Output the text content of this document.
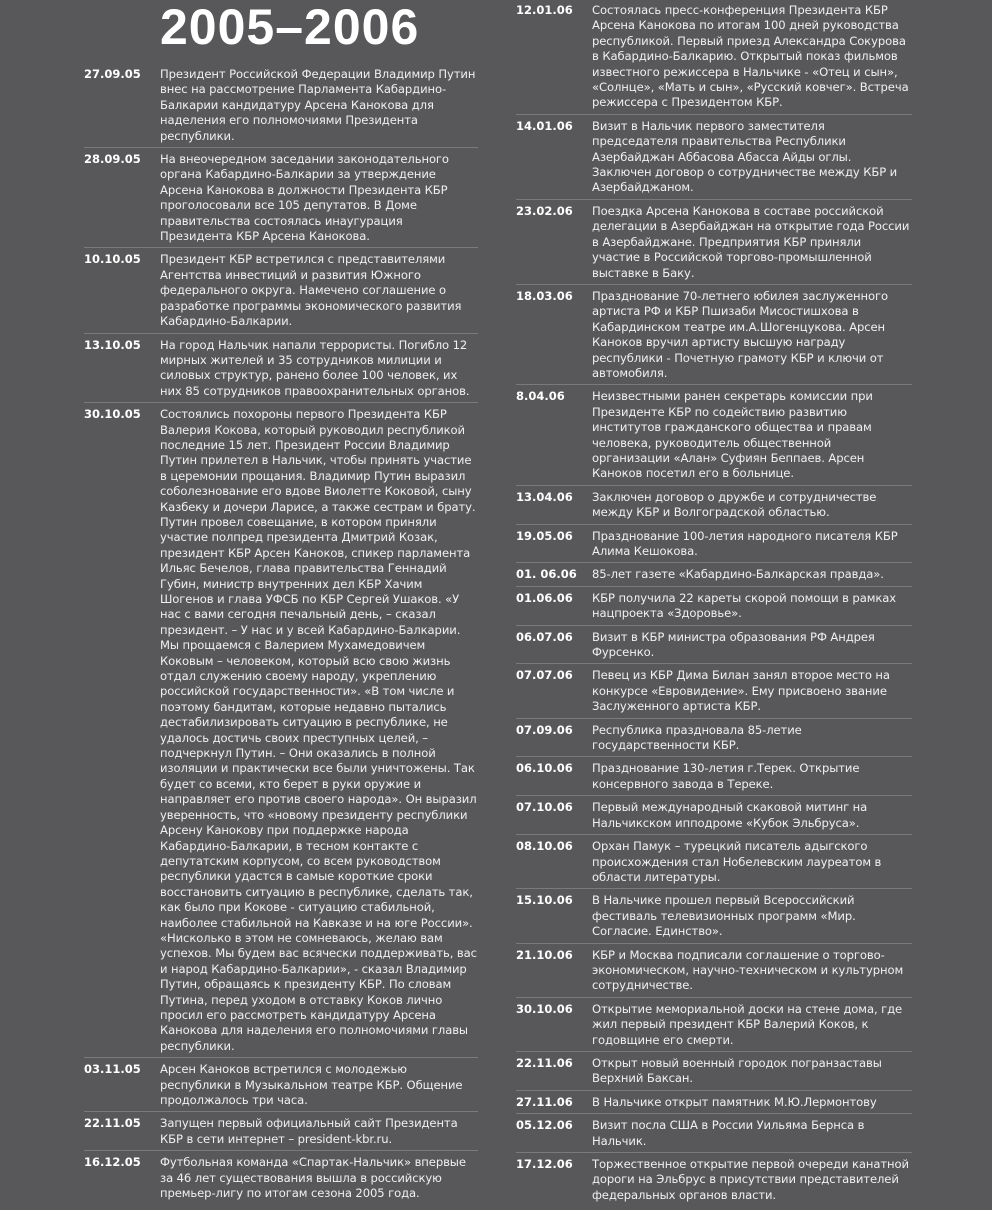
2005–2006
27.09.05	Президент Российской Федерации Владимир Путин внес на рассмотрение Парламента Кабардино-Балкарии кандидатуру Арсена Канокова для наделения его полномочиями Президента республики.
28.09.05	На внеочередном заседании законодательного органа Кабардино-Балкарии за утверждение Арсена Канокова в должности Президента КБР проголосовали все 105 депутатов. В Доме правительства состоялась инаугурация Президента КБР Арсена Канокова.
10.10.05	Президент КБР встретился с представителями Агентства инвестиций и развития Южного федерального округа. Намечено соглашение о разработке программы экономического развития Кабардино-Балкарии.
13.10.05	На город Нальчик напали террористы. Погибло 12 мирных жителей и 35 сотрудников милиции и силовых структур, ранено более 100 человек, их них 85 сотрудников правоохранительных органов.
30.10.05	Состоялись похороны первого Президента КБР Валерия Кокова, который руководил республикой последние 15 лет. Президент России Владимир Путин прилетел в Нальчик, чтобы принять участие в церемонии прощания. Владимир Путин выразил соболезнование его вдове Виолетте Коковой, сыну Казбеку и дочери Ларисе, а также сестрам и брату. Путин провел совещание, в котором приняли участие полпред президента Дмитрий Козак, президент КБР Арсен Каноков, спикер парламента Ильяс Бечелов, глава правительства Геннадий Губин, министр внутренних дел КБР Хачим Шогенов и глава УФСБ по КБР Сергей Ушаков. «У нас с вами сегодня печальный день, – сказал президент. – У нас и у всей Кабардино-Балкарии. Мы прощаемся с Валерием Мухамедовичем Коковым – человеком, который всю свою жизнь отдал служению своему народу, укреплению российской государственности». «В том числе и поэтому бандитам, которые недавно пытались дестабилизировать ситуацию в республике, не удалось достичь своих преступных целей, – подчеркнул Путин. – Они оказались в полной изоляции и практически все были уничтожены. Так будет со всеми, кто берет в руки оружие и направляет его против своего народа». Он выразил уверенность, что «новому президенту республики Арсену Канокову при поддержке народа Кабардино-Балкарии, в тесном контакте с депутатским корпусом, со всем руководством республики удастся в самые короткие сроки восстановить ситуацию в республике, сделать так, как было при Кокове - ситуацию стабильной, наиболее стабильной на Кавказе и на юге России». «Нисколько в этом не сомневаюсь, желаю вам успехов. Мы будем вас всячески поддерживать, вас и народ Кабардино-Балкарии», - сказал Владимир Путин, обращаясь к президенту КБР. По словам Путина, перед уходом в отставку Коков лично просил его рассмотреть кандидатуру Арсена Канокова для наделения его полномочиями главы республики.
03.11.05	Арсен Каноков встретился с молодежью республики в Музыкальном театре КБР. Общение продолжалось три часа.
22.11.05	Запущен первый официальный сайт Президента КБР в сети интернет – president-kbr.ru.
16.12.05	Футбольная команда «Спартак-Нальчик» впервые за 46 лет существования вышла в российскую премьер-лигу по итогам сезона 2005 года.
12.01.06	Состоялась пресс-конференция Президента КБР Арсена Канокова по итогам 100 дней руководства республикой. Первый приезд Александра Сокурова в Кабардино-Балкарию. Открытый показ фильмов известного режиссера в Нальчике - «Отец и сын», «Солнце», «Мать и сын», «Русский ковчег». Встреча режиссера с Президентом КБР.
14.01.06	Визит в Нальчик первого заместителя председателя правительства Республики Азербайджан Аббасова Абасса Айды оглы. Заключен договор о сотрудничестве между КБР и Азербайджаном.
23.02.06	Поездка Арсена Канокова в составе российской делегации в Азербайджан на открытие года России в Азербайджане. Предприятия КБР приняли участие в Российской торгово-промышленной выставке в Баку.
18.03.06	Празднование 70-летнего юбилея заслуженного артиста РФ и КБР Пшизаби Мисостишхова в Кабардинском театре им.А.Шогенцукова. Арсен Каноков вручил артисту высшую награду республики - Почетную грамоту КБР и ключи от автомобиля.
8.04.06	Неизвестными ранен секретарь комиссии при Президенте КБР по содействию развитию институтов гражданского общества и правам человека, руководитель общественной организации «Алан» Суфиян Беппаев. Арсен Каноков посетил его в больнице.
13.04.06	Заключен договор о дружбе и сотрудничестве между КБР и Волгоградской областью.
19.05.06	Празднование 100-летия народного писателя КБР Алима Кешокова.
01. 06.06	85-лет газете «Кабардино-Балкарская правда».
01.06.06	КБР получила 22 кареты скорой помощи в рамках нацпроекта «Здоровье».
06.07.06	Визит в КБР министра образования РФ Андрея Фурсенко.
07.07.06	Певец из КБР Дима Билан занял второе место на конкурсе «Евровидение». Ему присвоено звание Заслуженного артиста КБР.
07.09.06	Республика праздновала 85-летие государственности КБР.
06.10.06	Празднование 130-летия г.Терек. Открытие консервного завода в Тереке.
07.10.06	Первый международный скаковой митинг на Нальчикском ипподроме «Кубок Эльбруса».
08.10.06	Орхан Памук – турецкий писатель адыгского происхождения стал Нобелевским лауреатом в области литературы.
15.10.06	В Нальчике прошел первый Всероссийский фестиваль телевизионных программ «Мир. Согласие. Единство».
21.10.06	КБР и Москва подписали соглашение о торгово-экономическом, научно-техническом и культурном сотрудничестве.
30.10.06	Открытие мемориальной доски на стене дома, где жил первый президент КБР Валерий Коков, к годовщине его смерти.
22.11.06	Открыт новый военный городок погранзаставы Верхний Баксан.
27.11.06	В Нальчике открыт памятник М.Ю.Лермонтову
05.12.06	Визит посла США в России Уильяма Бернса в Нальчик.
17.12.06	Торжественное открытие первой очереди канатной дороги на Эльбрус в присутствии представителей федеральных органов власти.
